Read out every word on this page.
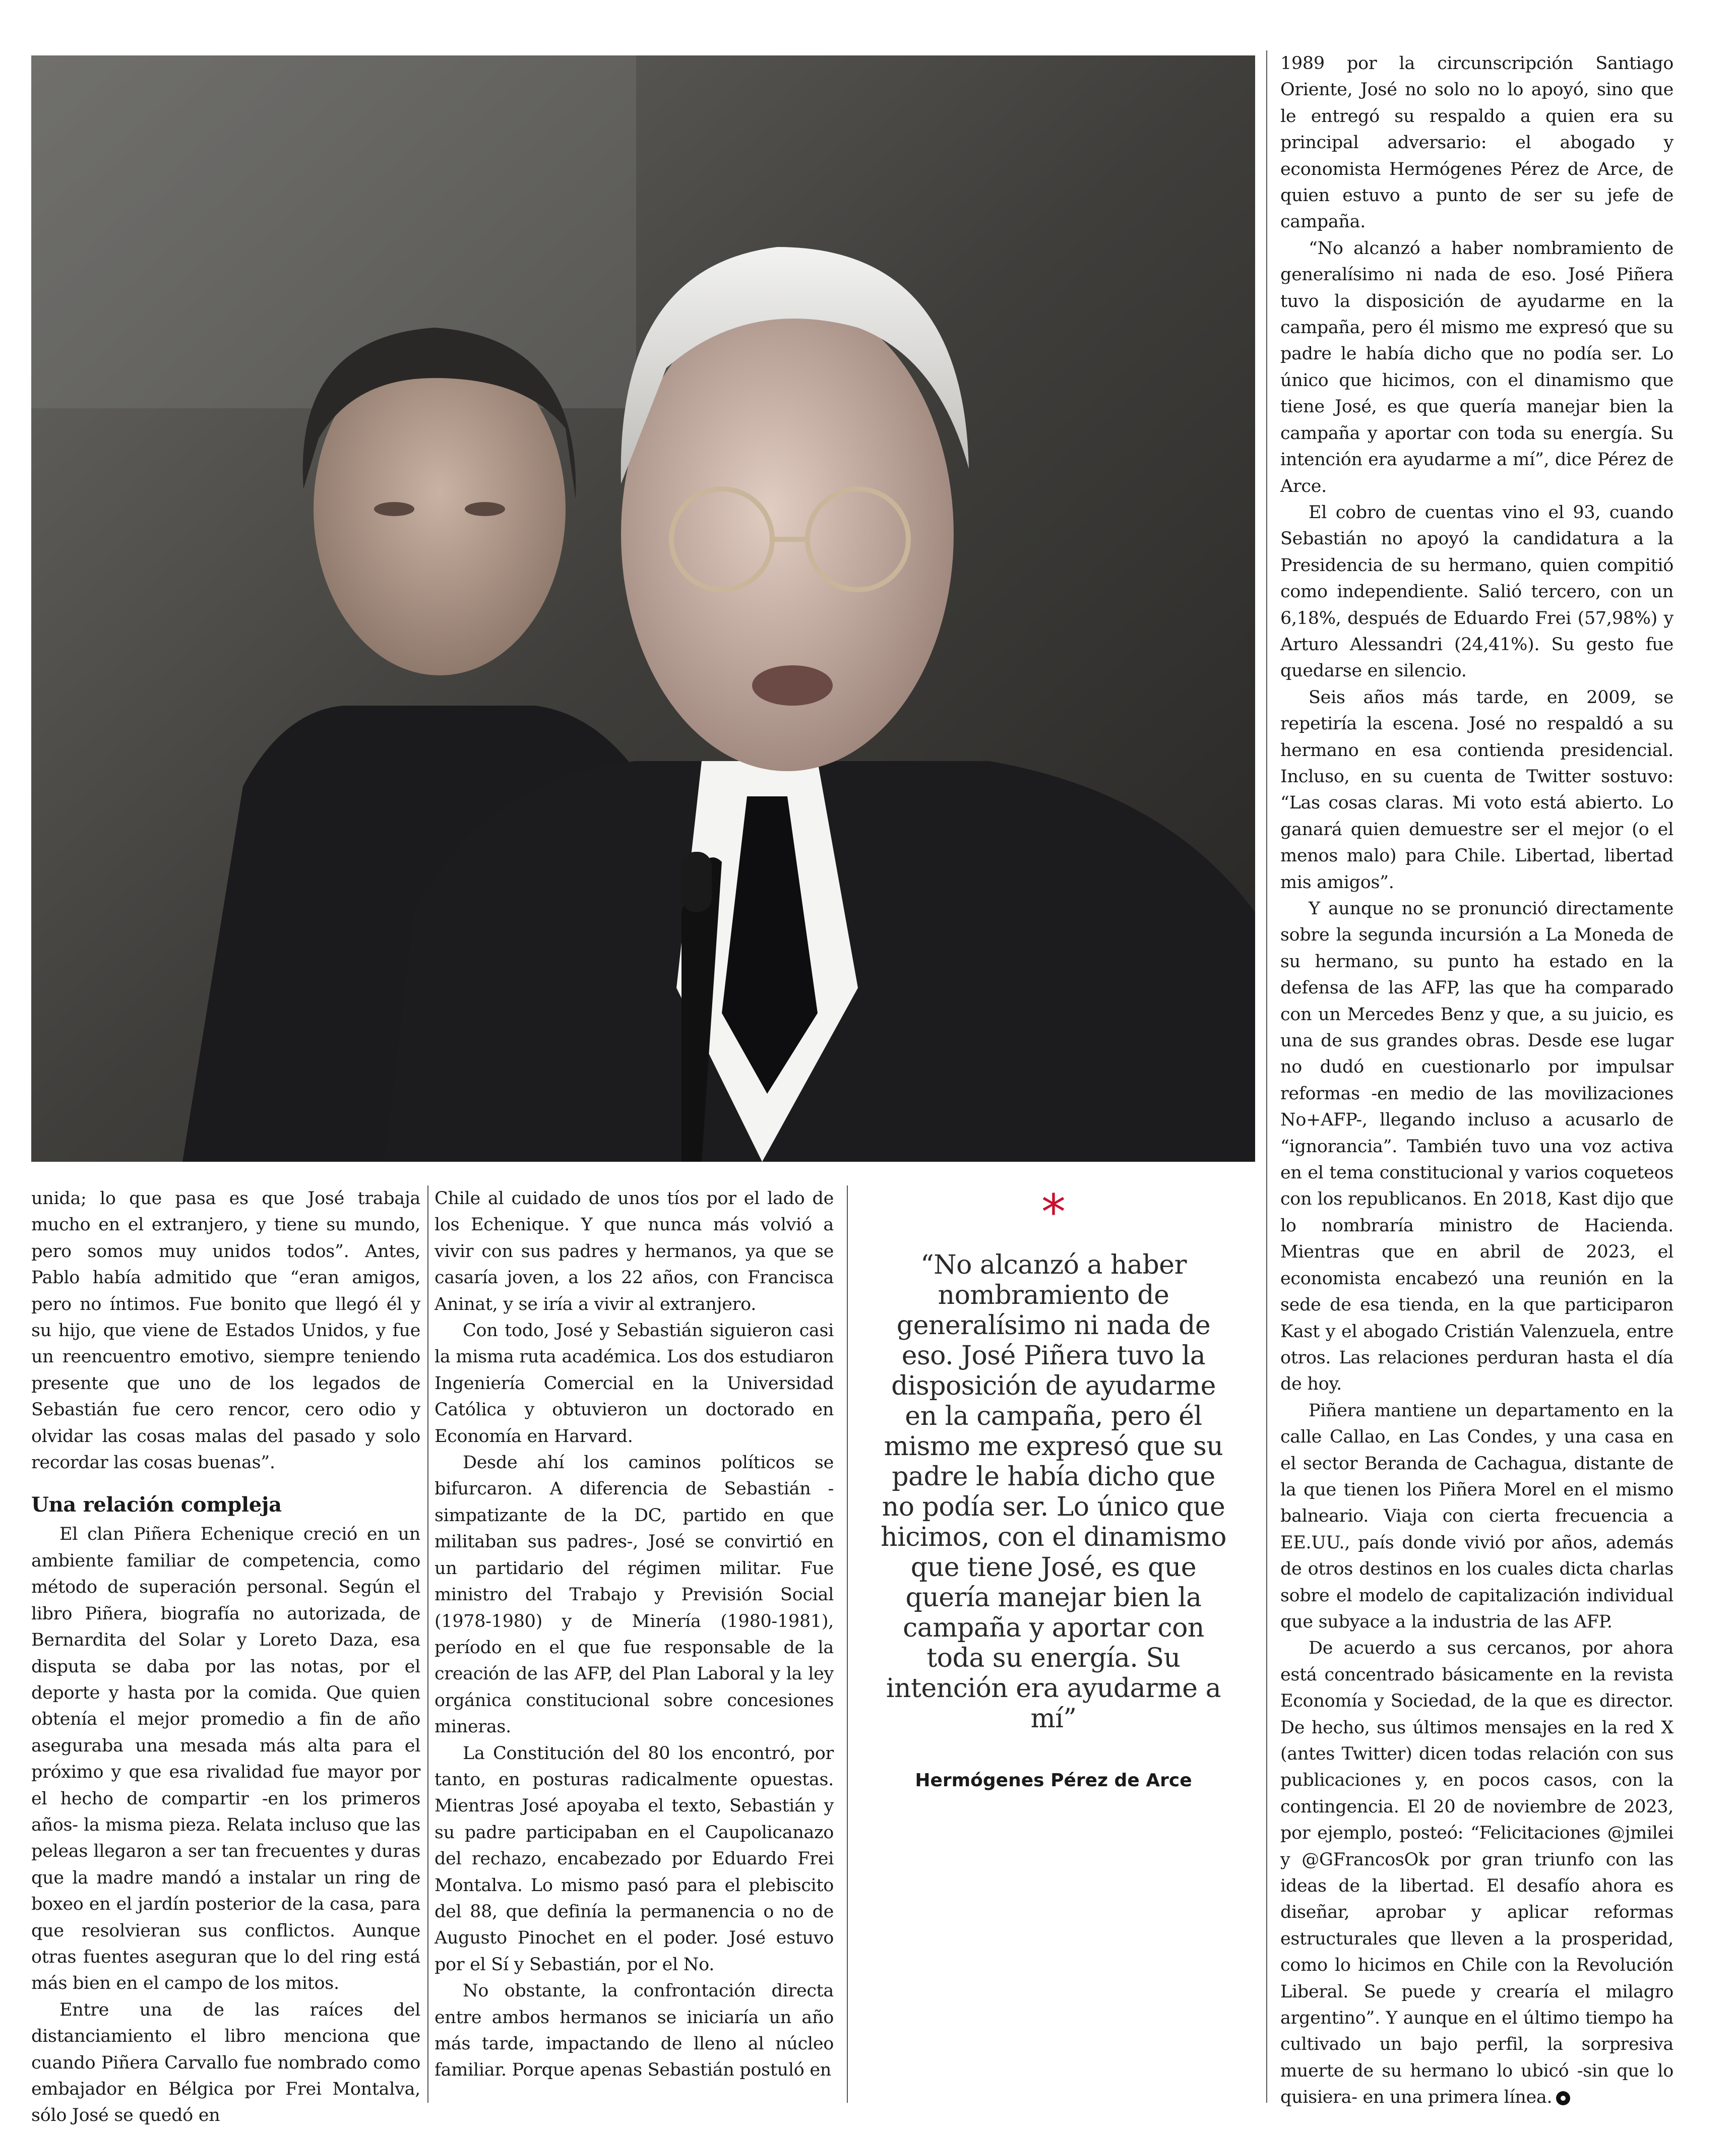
unida; lo que pasa es que José trabaja mucho en el extranjero, y tiene su mundo, pero somos muy unidos todos”. Antes, Pablo había admitido que “eran amigos, pero no íntimos. Fue bonito que llegó él y su hijo, que viene de Estados Unidos, y fue un reencuentro emotivo, siempre teniendo presente que uno de los legados de Sebastián fue cero rencor, cero odio y olvidar las cosas malas del pasado y solo recordar las cosas buenas”.

Una relación compleja

El clan Piñera Echenique creció en un ambiente familiar de competencia, como método de superación personal. Según el libro Piñera, biografía no autorizada, de Bernardita del Solar y Loreto Daza, esa disputa se daba por las notas, por el deporte y hasta por la comida. Que quien obtenía el mejor promedio a fin de año aseguraba una mesada más alta para el próximo y que esa rivalidad fue mayor por el hecho de compartir -en los primeros años- la misma pieza. Relata incluso que las peleas llegaron a ser tan frecuentes y duras que la madre mandó a instalar un ring de boxeo en el jardín posterior de la casa, para que resolvieran sus conflictos. Aunque otras fuentes aseguran que lo del ring está más bien en el campo de los mitos.

Entre una de las raíces del distanciamiento el libro menciona que cuando Piñera Carvallo fue nombrado como embajador en Bélgica por Frei Montalva, sólo José se quedó en

Chile al cuidado de unos tíos por el lado de los Echenique. Y que nunca más volvió a vivir con sus padres y hermanos, ya que se casaría joven, a los 22 años, con Francisca Aninat, y se iría a vivir al extranjero.

Con todo, José y Sebastián siguieron casi la misma ruta académica. Los dos estudiaron Ingeniería Comercial en la Universidad Católica y obtuvieron un doctorado en Economía en Harvard.

Desde ahí los caminos políticos se bifurcaron. A diferencia de Sebastián -simpatizante de la DC, partido en que militaban sus padres-, José se convirtió en un partidario del régimen militar. Fue ministro del Trabajo y Previsión Social (1978-1980) y de Minería (1980-1981), período en el que fue responsable de la creación de las AFP, del Plan Laboral y la ley orgánica constitucional sobre concesiones mineras.

La Constitución del 80 los encontró, por tanto, en posturas radicalmente opuestas. Mientras José apoyaba el texto, Sebastián y su padre participaban en el Caupolicanazo del rechazo, encabezado por Eduardo Frei Montalva. Lo mismo pasó para el plebiscito del 88, que definía la permanencia o no de Augusto Pinochet en el poder. José estuvo por el Sí y Sebastián, por el No.

No obstante, la confrontación directa entre ambos hermanos se iniciaría un año más tarde, impactando de lleno al núcleo familiar. Porque apenas Sebastián postuló en

*
“No alcanzó a haber nombramiento de generalísimo ni nada de eso. José Piñera tuvo la disposición de ayudarme en la campaña, pero él mismo me expresó que su padre le había dicho que no podía ser. Lo único que hicimos, con el dinamismo que tiene José, es que quería manejar bien la campaña y aportar con toda su energía. Su intención era ayudarme a mí”
Hermógenes Pérez de Arce

1989 por la circunscripción Santiago Oriente, José no solo no lo apoyó, sino que le entregó su respaldo a quien era su principal adversario: el abogado y economista Hermógenes Pérez de Arce, de quien estuvo a punto de ser su jefe de campaña.

“No alcanzó a haber nombramiento de generalísimo ni nada de eso. José Piñera tuvo la disposición de ayudarme en la campaña, pero él mismo me expresó que su padre le había dicho que no podía ser. Lo único que hicimos, con el dinamismo que tiene José, es que quería manejar bien la campaña y aportar con toda su energía. Su intención era ayudarme a mí”, dice Pérez de Arce.

El cobro de cuentas vino el 93, cuando Sebastián no apoyó la candidatura a la Presidencia de su hermano, quien compitió como independiente. Salió tercero, con un 6,18%, después de Eduardo Frei (57,98%) y Arturo Alessandri (24,41%). Su gesto fue quedarse en silencio.

Seis años más tarde, en 2009, se repetiría la escena. José no respaldó a su hermano en esa contienda presidencial. Incluso, en su cuenta de Twitter sostuvo: “Las cosas claras. Mi voto está abierto. Lo ganará quien demuestre ser el mejor (o el menos malo) para Chile. Libertad, libertad mis amigos”.

Y aunque no se pronunció directamente sobre la segunda incursión a La Moneda de su hermano, su punto ha estado en la defensa de las AFP, las que ha comparado con un Mercedes Benz y que, a su juicio, es una de sus grandes obras. Desde ese lugar no dudó en cuestionarlo por impulsar reformas -en medio de las movilizaciones No+AFP-, llegando incluso a acusarlo de “ignorancia”. También tuvo una voz activa en el tema constitucional y varios coqueteos con los republicanos. En 2018, Kast dijo que lo nombraría ministro de Hacienda. Mientras que en abril de 2023, el economista encabezó una reunión en la sede de esa tienda, en la que participaron Kast y el abogado Cristián Valenzuela, entre otros. Las relaciones perduran hasta el día de hoy.

Piñera mantiene un departamento en la calle Callao, en Las Condes, y una casa en el sector Beranda de Cachagua, distante de la que tienen los Piñera Morel en el mismo balneario. Viaja con cierta frecuencia a EE.UU., país donde vivió por años, además de otros destinos en los cuales dicta charlas sobre el modelo de capitalización individual que subyace a la industria de las AFP.

De acuerdo a sus cercanos, por ahora está concentrado básicamente en la revista Economía y Sociedad, de la que es director. De hecho, sus últimos mensajes en la red X (antes Twitter) dicen todas relación con sus publicaciones y, en pocos casos, con la contingencia. El 20 de noviembre de 2023, por ejemplo, posteó: “Felicitaciones @jmilei y @GFrancosOk por gran triunfo con las ideas de la libertad. El desafío ahora es diseñar, aprobar y aplicar reformas estructurales que lleven a la prosperidad, como lo hicimos en Chile con la Revolución Liberal. Se puede y crearía el milagro argentino”. Y aunque en el último tiempo ha cultivado un bajo perfil, la sorpresiva muerte de su hermano lo ubicó -sin que lo quisiera- en una primera línea.
